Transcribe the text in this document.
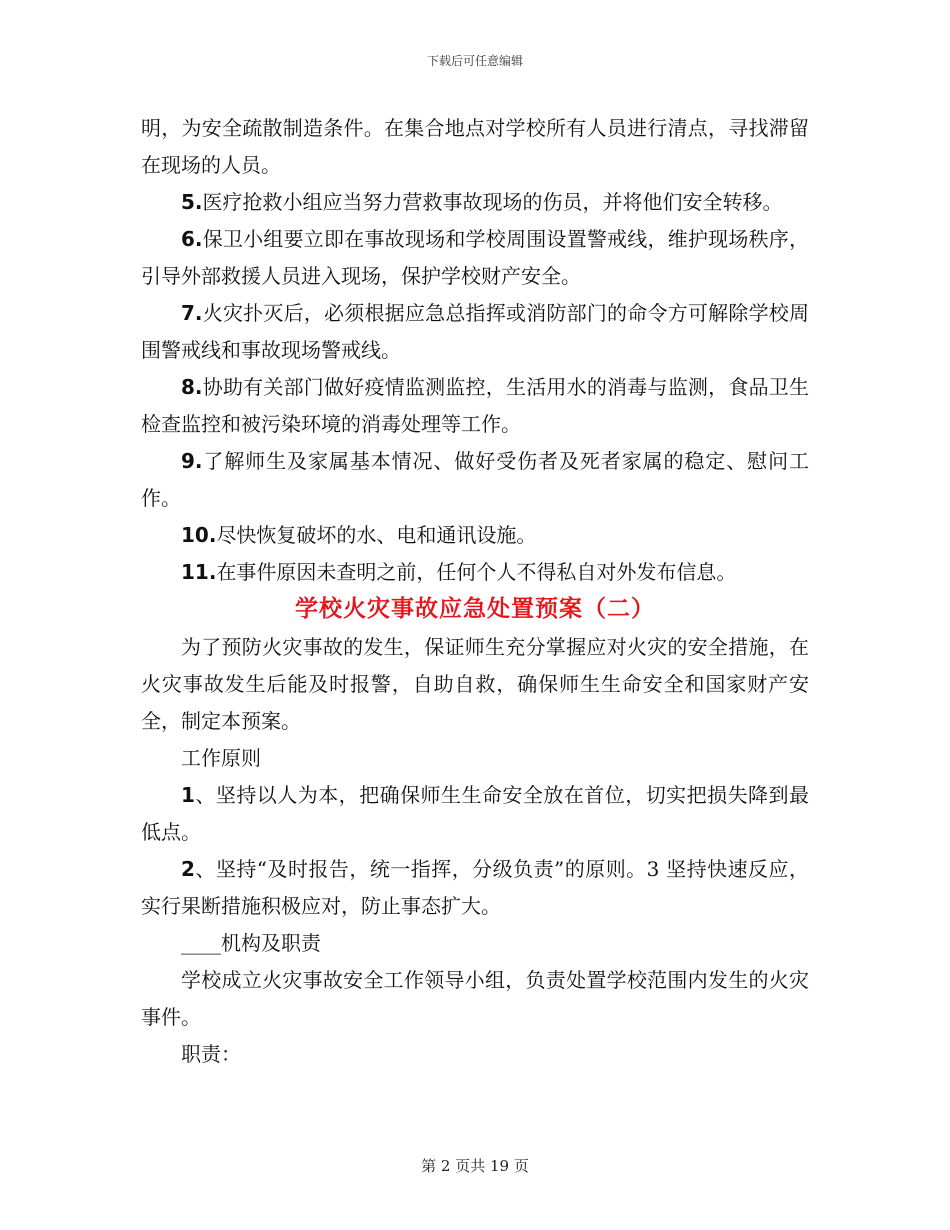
下载后可任意编辑

明，为安全疏散制造条件。在集合地点对学校所有人员进行清点，寻找滞留在现场的人员。

5.医疗抢救小组应当努力营救事故现场的伤员，并将他们安全转移。

6.保卫小组要立即在事故现场和学校周围设置警戒线，维护现场秩序，引导外部救援人员进入现场，保护学校财产安全。

7.火灾扑灭后，必须根据应急总指挥或消防部门的命令方可解除学校周围警戒线和事故现场警戒线。

8.协助有关部门做好疫情监测监控，生活用水的消毒与监测，食品卫生检查监控和被污染环境的消毒处理等工作。

9.了解师生及家属基本情况、做好受伤者及死者家属的稳定、慰问工作。

10.尽快恢复破坏的水、电和通讯设施。

11.在事件原因未查明之前，任何个人不得私自对外发布信息。

学校火灾事故应急处置预案（二）

为了预防火灾事故的发生，保证师生充分掌握应对火灾的安全措施，在火灾事故发生后能及时报警，自助自救，确保师生生命安全和国家财产安全，制定本预案。

工作原则

1、坚持以人为本，把确保师生生命安全放在首位，切实把损失降到最低点。

2、坚持“及时报告，统一指挥，分级负责”的原则。3 坚持快速反应，实行果断措施积极应对，防止事态扩大。

____机构及职责

学校成立火灾事故安全工作领导小组，负责处置学校范围内发生的火灾事件。

职责：

第 2 页共 19 页
